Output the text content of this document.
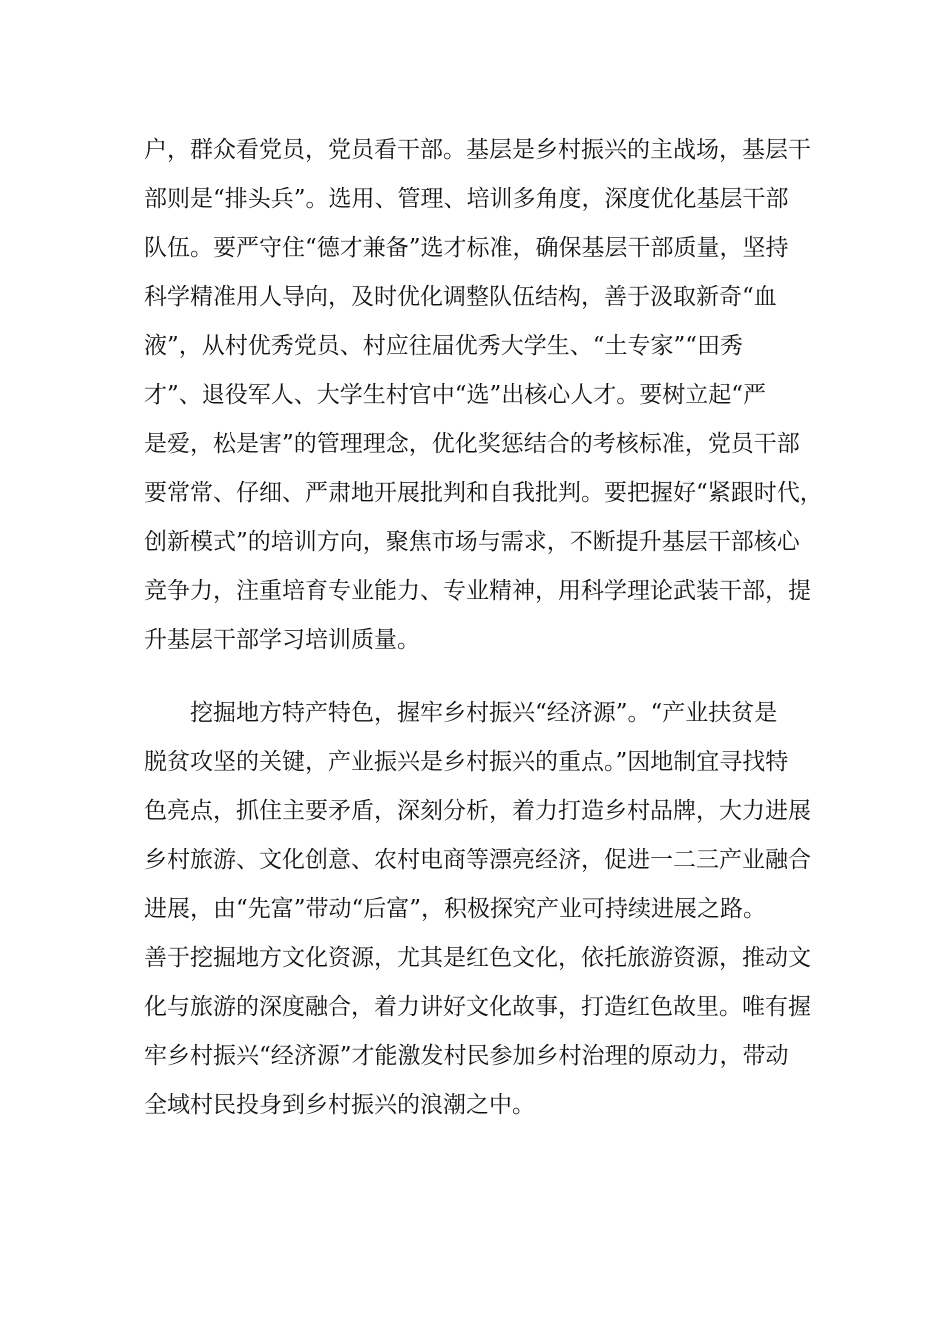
户，群众看党员，党员看干部。基层是乡村振兴的主战场，基层干
部则是“排头兵”。选用、管理、培训多角度，深度优化基层干部
队伍。要严守住“德才兼备”选才标准，确保基层干部质量，坚持
科学精准用人导向，及时优化调整队伍结构，善于汲取新奇“血
液”，从村优秀党员、村应往届优秀大学生、“土专家”“田秀
才”、退役军人、大学生村官中“选”出核心人才。要树立起“严
是爱，松是害”的管理理念，优化奖惩结合的考核标准，党员干部
要常常、仔细、严肃地开展批判和自我批判。要把握好“紧跟时代，
创新模式”的培训方向，聚焦市场与需求，不断提升基层干部核心
竞争力，注重培育专业能力、专业精神，用科学理论武装干部，提
升基层干部学习培训质量。
挖掘地方特产特色，握牢乡村振兴“经济源”。“产业扶贫是
脱贫攻坚的关键，产业振兴是乡村振兴的重点。”因地制宜寻找特
色亮点，抓住主要矛盾，深刻分析，着力打造乡村品牌，大力进展
乡村旅游、文化创意、农村电商等漂亮经济，促进一二三产业融合
进展，由“先富”带动“后富”，积极探究产业可持续进展之路。
善于挖掘地方文化资源，尤其是红色文化，依托旅游资源，推动文
化与旅游的深度融合，着力讲好文化故事，打造红色故里。唯有握
牢乡村振兴“经济源”才能激发村民参加乡村治理的原动力，带动
全域村民投身到乡村振兴的浪潮之中。
